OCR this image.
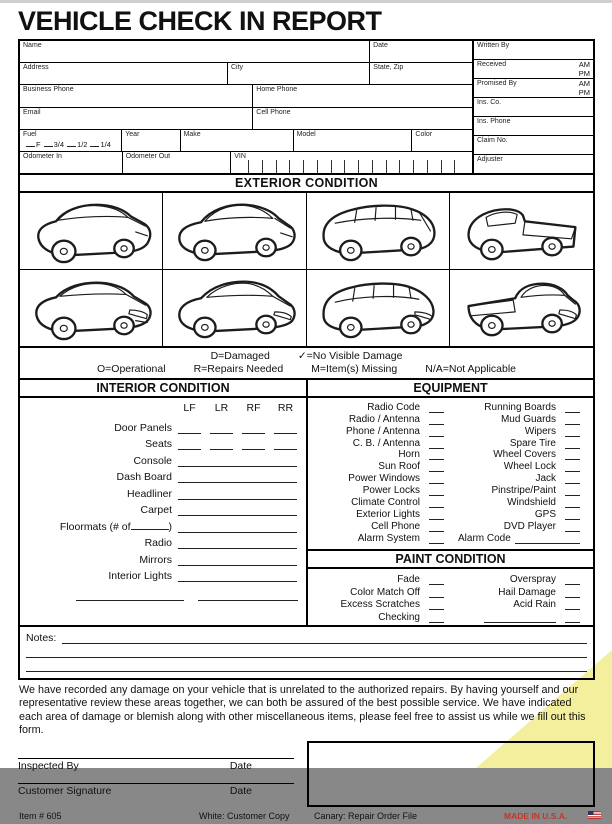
VEHICLE CHECK IN REPORT
Name	Date
Address	City	State, Zip
Business Phone	Home Phone
Email	Cell Phone
Fuel
F 3/4 1/2 1/4
Year	Make	Model	Color
Odometer In	Odometer Out	VIN
Written By
Received	AM
PM
Promised By	AM
PM
Ins. Co.
Ins. Phone
Claim No.
Adjuster
EXTERIOR CONDITION
D=Damaged	✓=No Visible Damage
O=Operational	R=Repairs Needed	M=Item(s) Missing	N/A=Not Applicable
INTERIOR CONDITION
LF	LR	RF	RR
Door Panels
Seats
Console
Dash Board
Headliner
Carpet
Floormats (# of	)
Radio
Mirrors
Interior Lights
EQUIPMENT
Radio Code	Running Boards
Radio / Antenna	Mud Guards
Phone / Antenna	Wipers
C. B. / Antenna	Spare Tire
Horn	Wheel Covers
Sun Roof	Wheel Lock
Power Windows	Jack
Power Locks	Pinstripe/Paint
Climate Control	Windshield
Exterior Lights	GPS
Cell Phone	DVD Player
Alarm System	Alarm Code
PAINT CONDITION
Fade	Overspray
Color Match Off	Hail Damage
Excess Scratches	Acid Rain
Checking
Notes:
We have recorded any damage on your vehicle that is unrelated to the authorized repairs. By having yourself and our representative review these areas together, we can both be assured of the best possible service. We have indicated each area of damage or blemish along with other miscellaneous items, please feel free to assist us while we fill out this form.
Inspected By	Date
Customer Signature	Date
Item # 605	White: Customer Copy	Canary: Repair Order File	MADE IN U.S.A.
